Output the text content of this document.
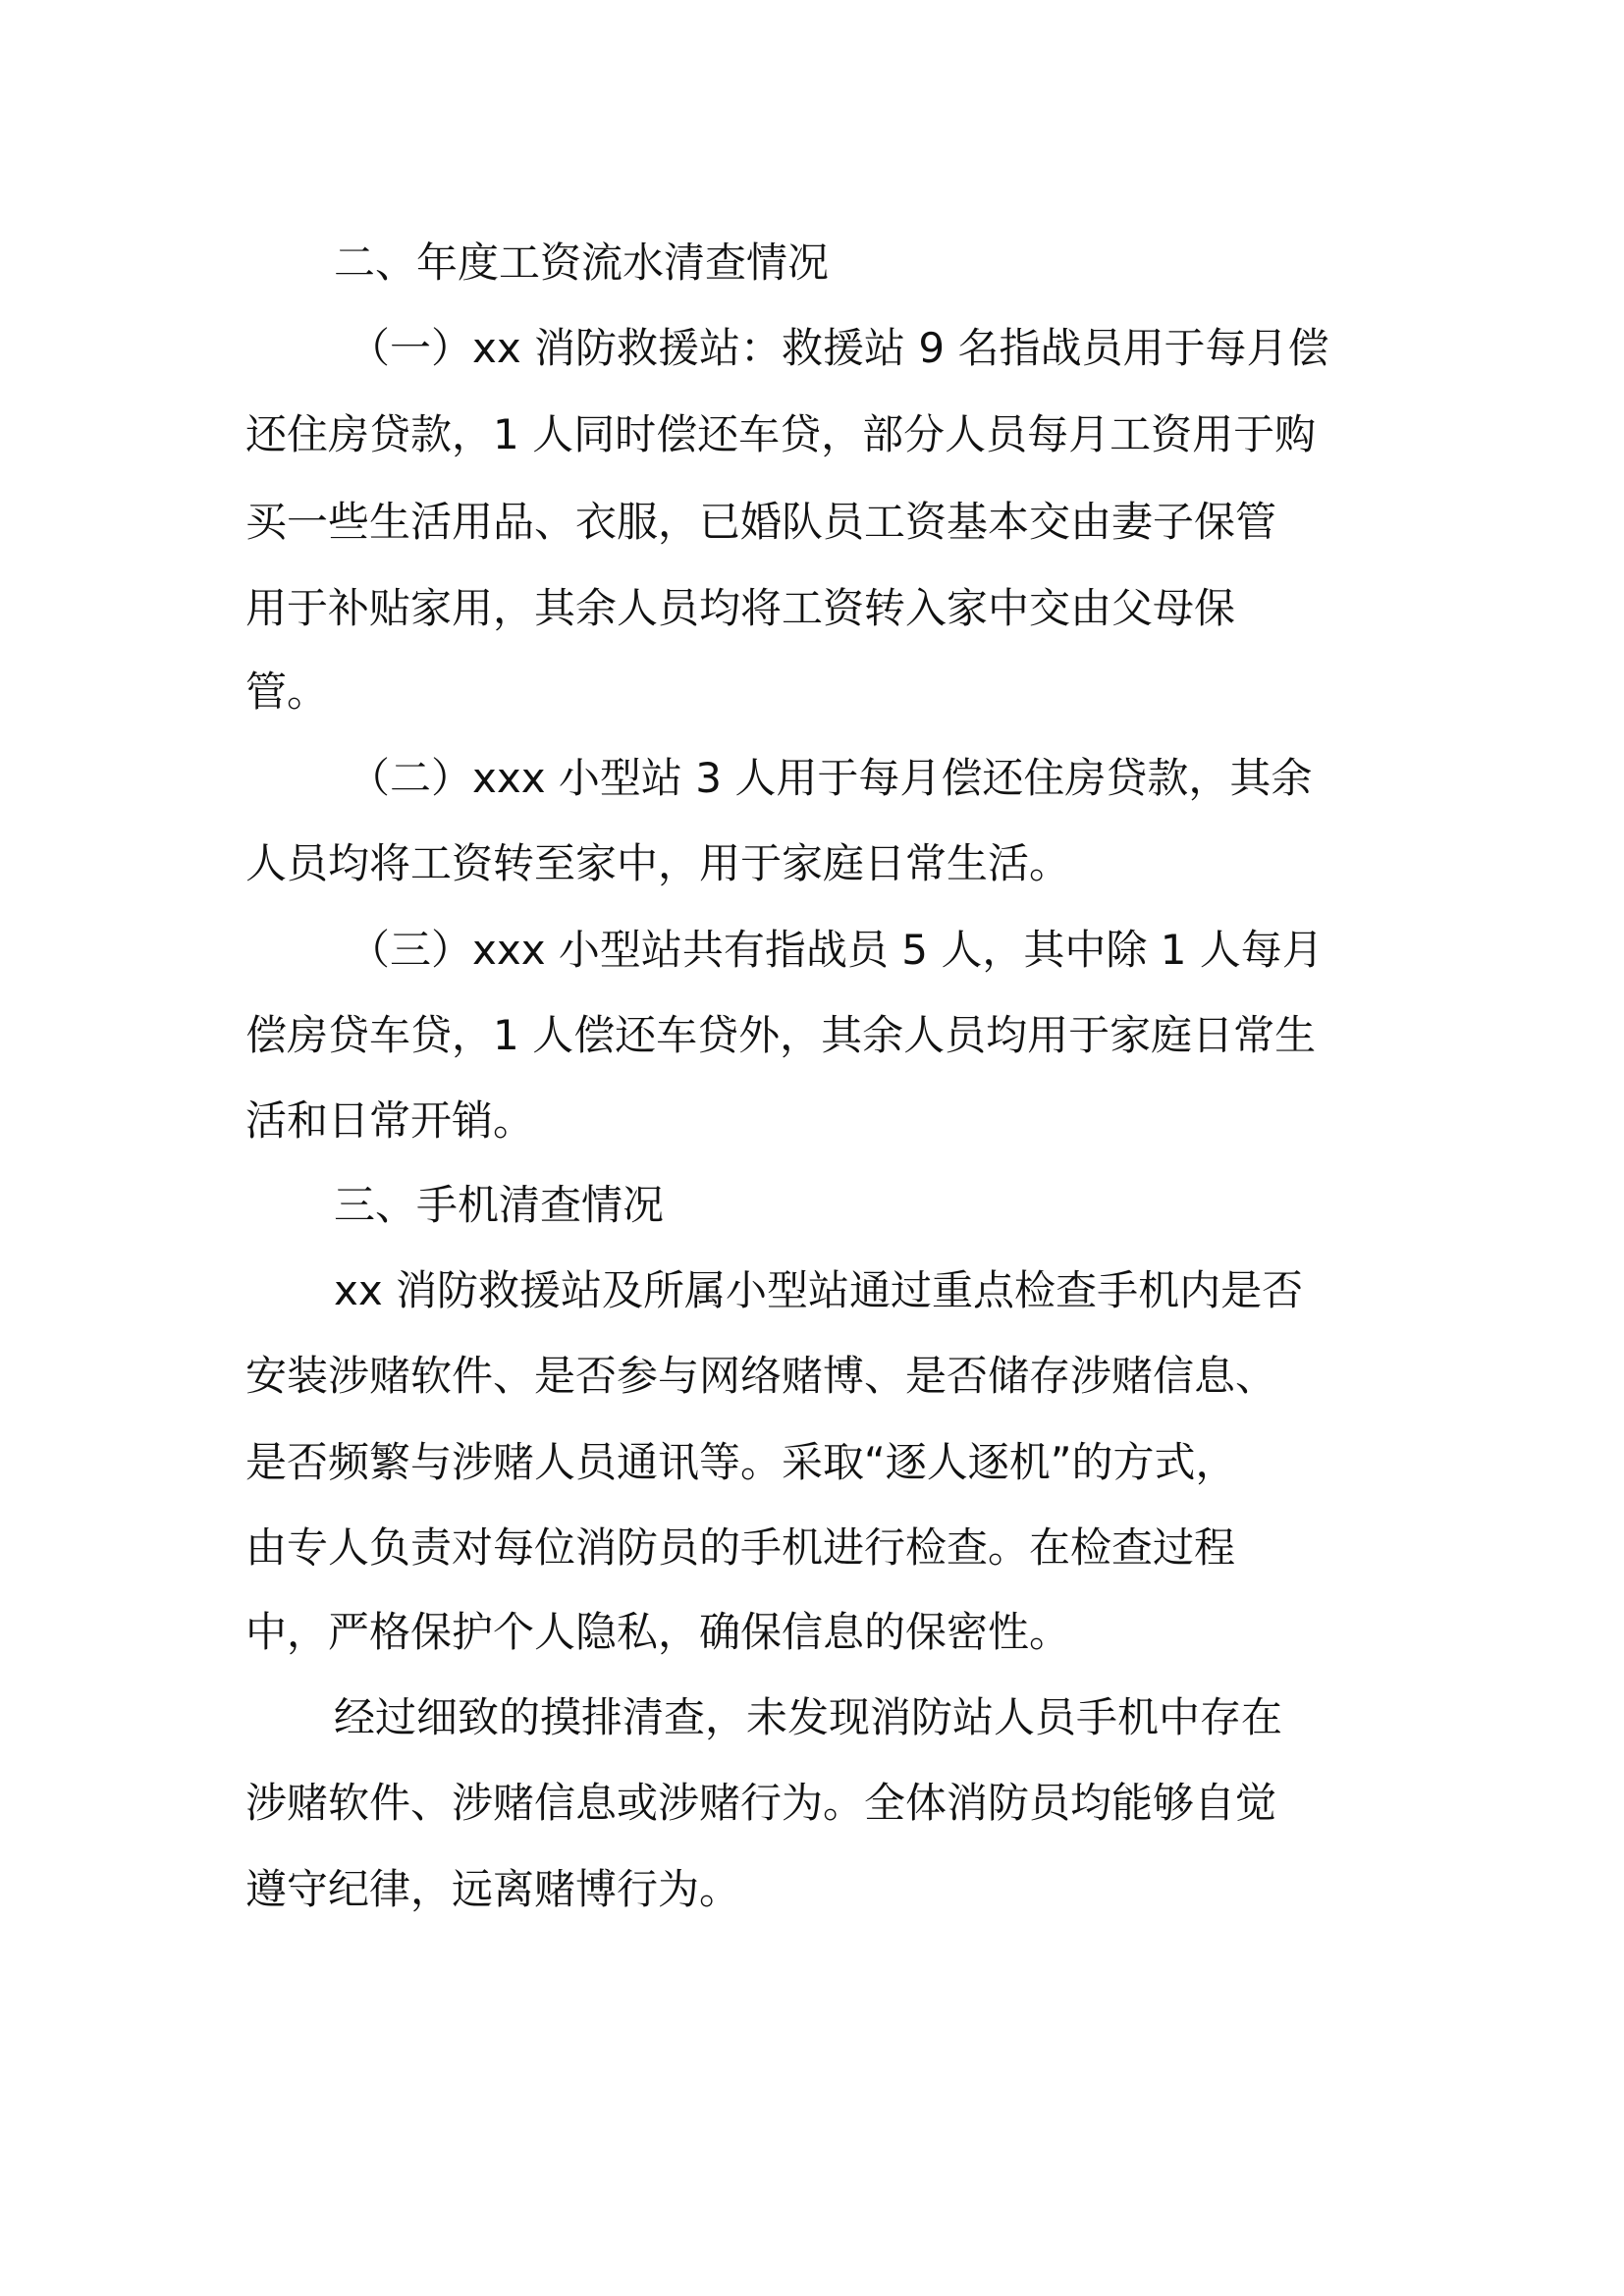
二、年度工资流水清查情况
（一）xx 消防救援站：救援站 9 名指战员用于每月偿
还住房贷款，1 人同时偿还车贷，部分人员每月工资用于购
买一些生活用品、衣服，已婚队员工资基本交由妻子保管
用于补贴家用，其余人员均将工资转入家中交由父母保
管。
（二）xxx 小型站 3 人用于每月偿还住房贷款，其余
人员均将工资转至家中，用于家庭日常生活。
（三）xxx 小型站共有指战员 5 人，其中除 1 人每月
偿房贷车贷，1 人偿还车贷外，其余人员均用于家庭日常生
活和日常开销。
三、手机清查情况
xx 消防救援站及所属小型站通过重点检查手机内是否
安装涉赌软件、是否参与网络赌博、是否储存涉赌信息、
是否频繁与涉赌人员通讯等。采取“逐人逐机”的方式，
由专人负责对每位消防员的手机进行检查。在检查过程
中，严格保护个人隐私，确保信息的保密性。
经过细致的摸排清查，未发现消防站人员手机中存在
涉赌软件、涉赌信息或涉赌行为。全体消防员均能够自觉
遵守纪律，远离赌博行为。
